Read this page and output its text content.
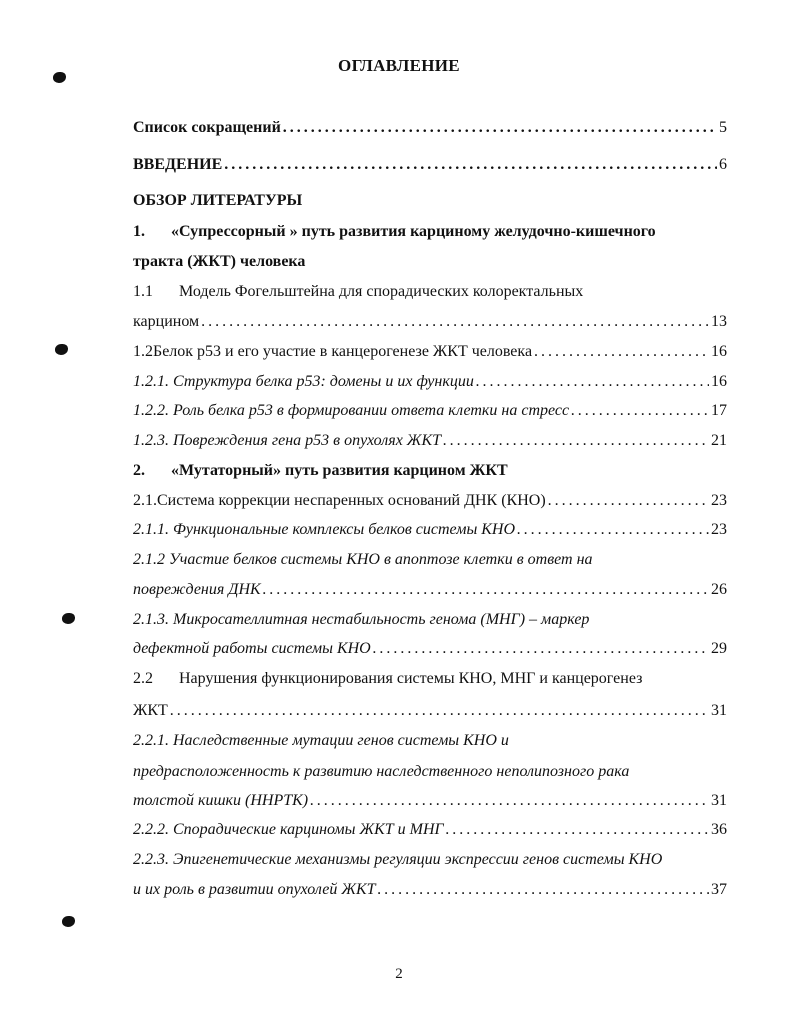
ОГЛАВЛЕНИЕ
Список сокращений . . .	5
ВВЕДЕНИЕ . . .	6
ОБЗОР ЛИТЕРАТУРЫ
1. «Супрессорный » путь развития карциному желудочно-кишечного
тракта (ЖКТ) человека
1.1 Модель Фогельштейна для спорадических колоректальных
карцином . . .	13
1.2 Белок р53 и его участие в канцерогенезе ЖКТ человека . . .	16
1.2.1. Структура белка р53: домены и их функции . . .	16
1.2.2. Роль белка р53 в формировании ответа клетки на стресс . . .	17
1.2.3. Повреждения гена р53 в опухолях ЖКТ . . .	21
2. «Мутаторный» путь развития карцином ЖКТ
2.1. Система коррекции неспаренных оснований ДНК (КНО) . . .	23
2.1.1. Функциональные комплексы белков системы КНО . . .	23
2.1.2 Участие белков системы КНО в апоптозе клетки в ответ на
повреждения ДНК . . .	26
2.1.3. Микросателлитная нестабильность генома (МНГ) – маркер
дефектной работы системы КНО . . .	29
2.2 Нарушения функционирования системы КНО, МНГ и канцерогенез
ЖКТ . . .	31
2.2.1. Наследственные мутации генов системы КНО и
предрасположенность к развитию наследственного неполипозного рака
толстой кишки (ННРТК) . . .	31
2.2.2. Спорадические карциномы ЖКТ и МНГ . . .	36
2.2.3. Эпигенетические механизмы регуляции экспрессии генов системы КНО
и их роль в развитии опухолей ЖКТ . . .	37
2
